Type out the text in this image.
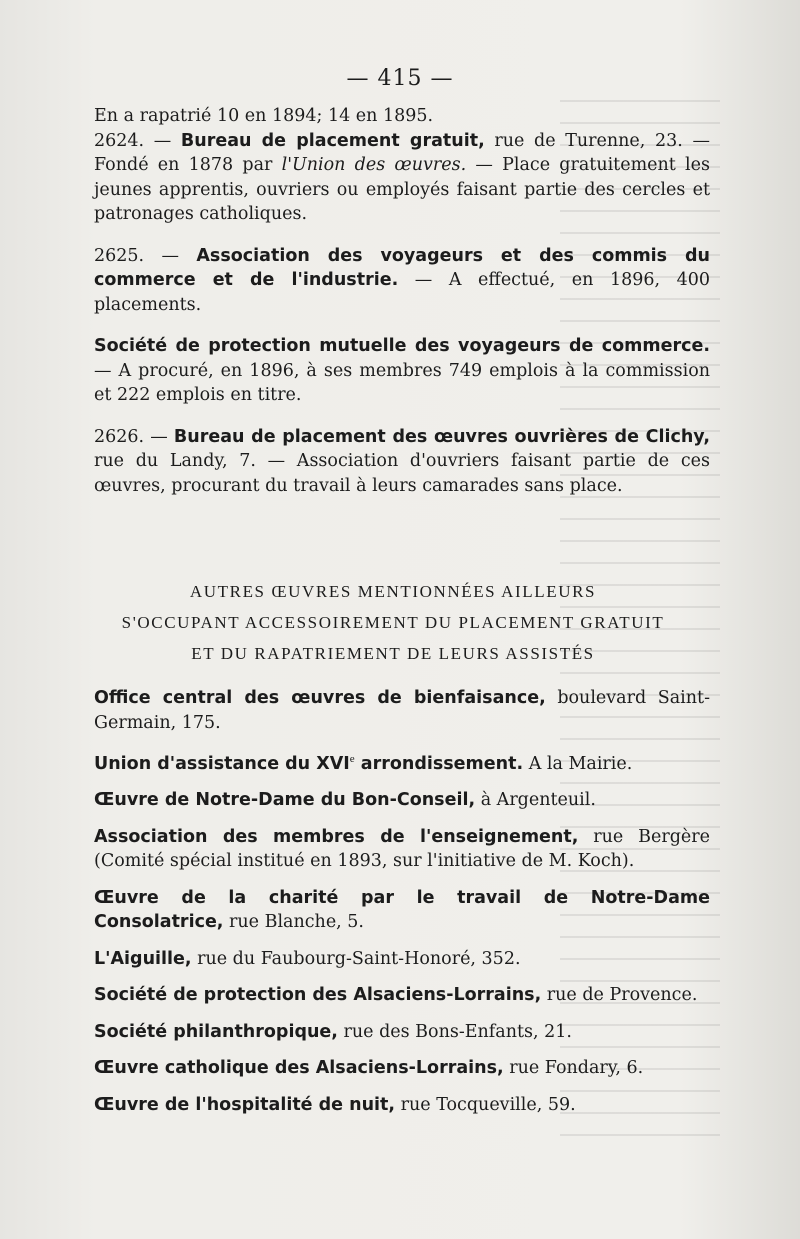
— 415 —

En a rapatrié 10 en 1894; 14 en 1895.

2624. — Bureau de placement gratuit, rue de Turenne, 23. — Fondé en 1878 par l'Union des œuvres. — Place gratuitement les jeunes apprentis, ouvriers ou employés faisant partie des cercles et patronages catholiques.

2625. — Association des voyageurs et des commis du commerce et de l'industrie. — A effectué, en 1896, 400 placements.

Société de protection mutuelle des voyageurs de commerce. — A procuré, en 1896, à ses membres 749 emplois à la commission et 222 emplois en titre.

2626. — Bureau de placement des œuvres ouvrières de Clichy, rue du Landy, 7. — Association d'ouvriers faisant partie de ces œuvres, procurant du travail à leurs camarades sans place.

AUTRES ŒUVRES MENTIONNÉES AILLEURS

S'OCCUPANT ACCESSOIREMENT DU PLACEMENT GRATUIT

ET DU RAPATRIEMENT DE LEURS ASSISTÉS

Office central des œuvres de bienfaisance, boulevard Saint-Germain, 175.

Union d'assistance du XVIe arrondissement. A la Mairie.

Œuvre de Notre-Dame du Bon-Conseil, à Argenteuil.

Association des membres de l'enseignement, rue Bergère (Comité spécial institué en 1893, sur l'initiative de M. Koch).

Œuvre de la charité par le travail de Notre-Dame Consolatrice, rue Blanche, 5.

L'Aiguille, rue du Faubourg-Saint-Honoré, 352.

Société de protection des Alsaciens-Lorrains, rue de Provence.

Société philanthropique, rue des Bons-Enfants, 21.

Œuvre catholique des Alsaciens-Lorrains, rue Fondary, 6.

Œuvre de l'hospitalité de nuit, rue Tocqueville, 59.
